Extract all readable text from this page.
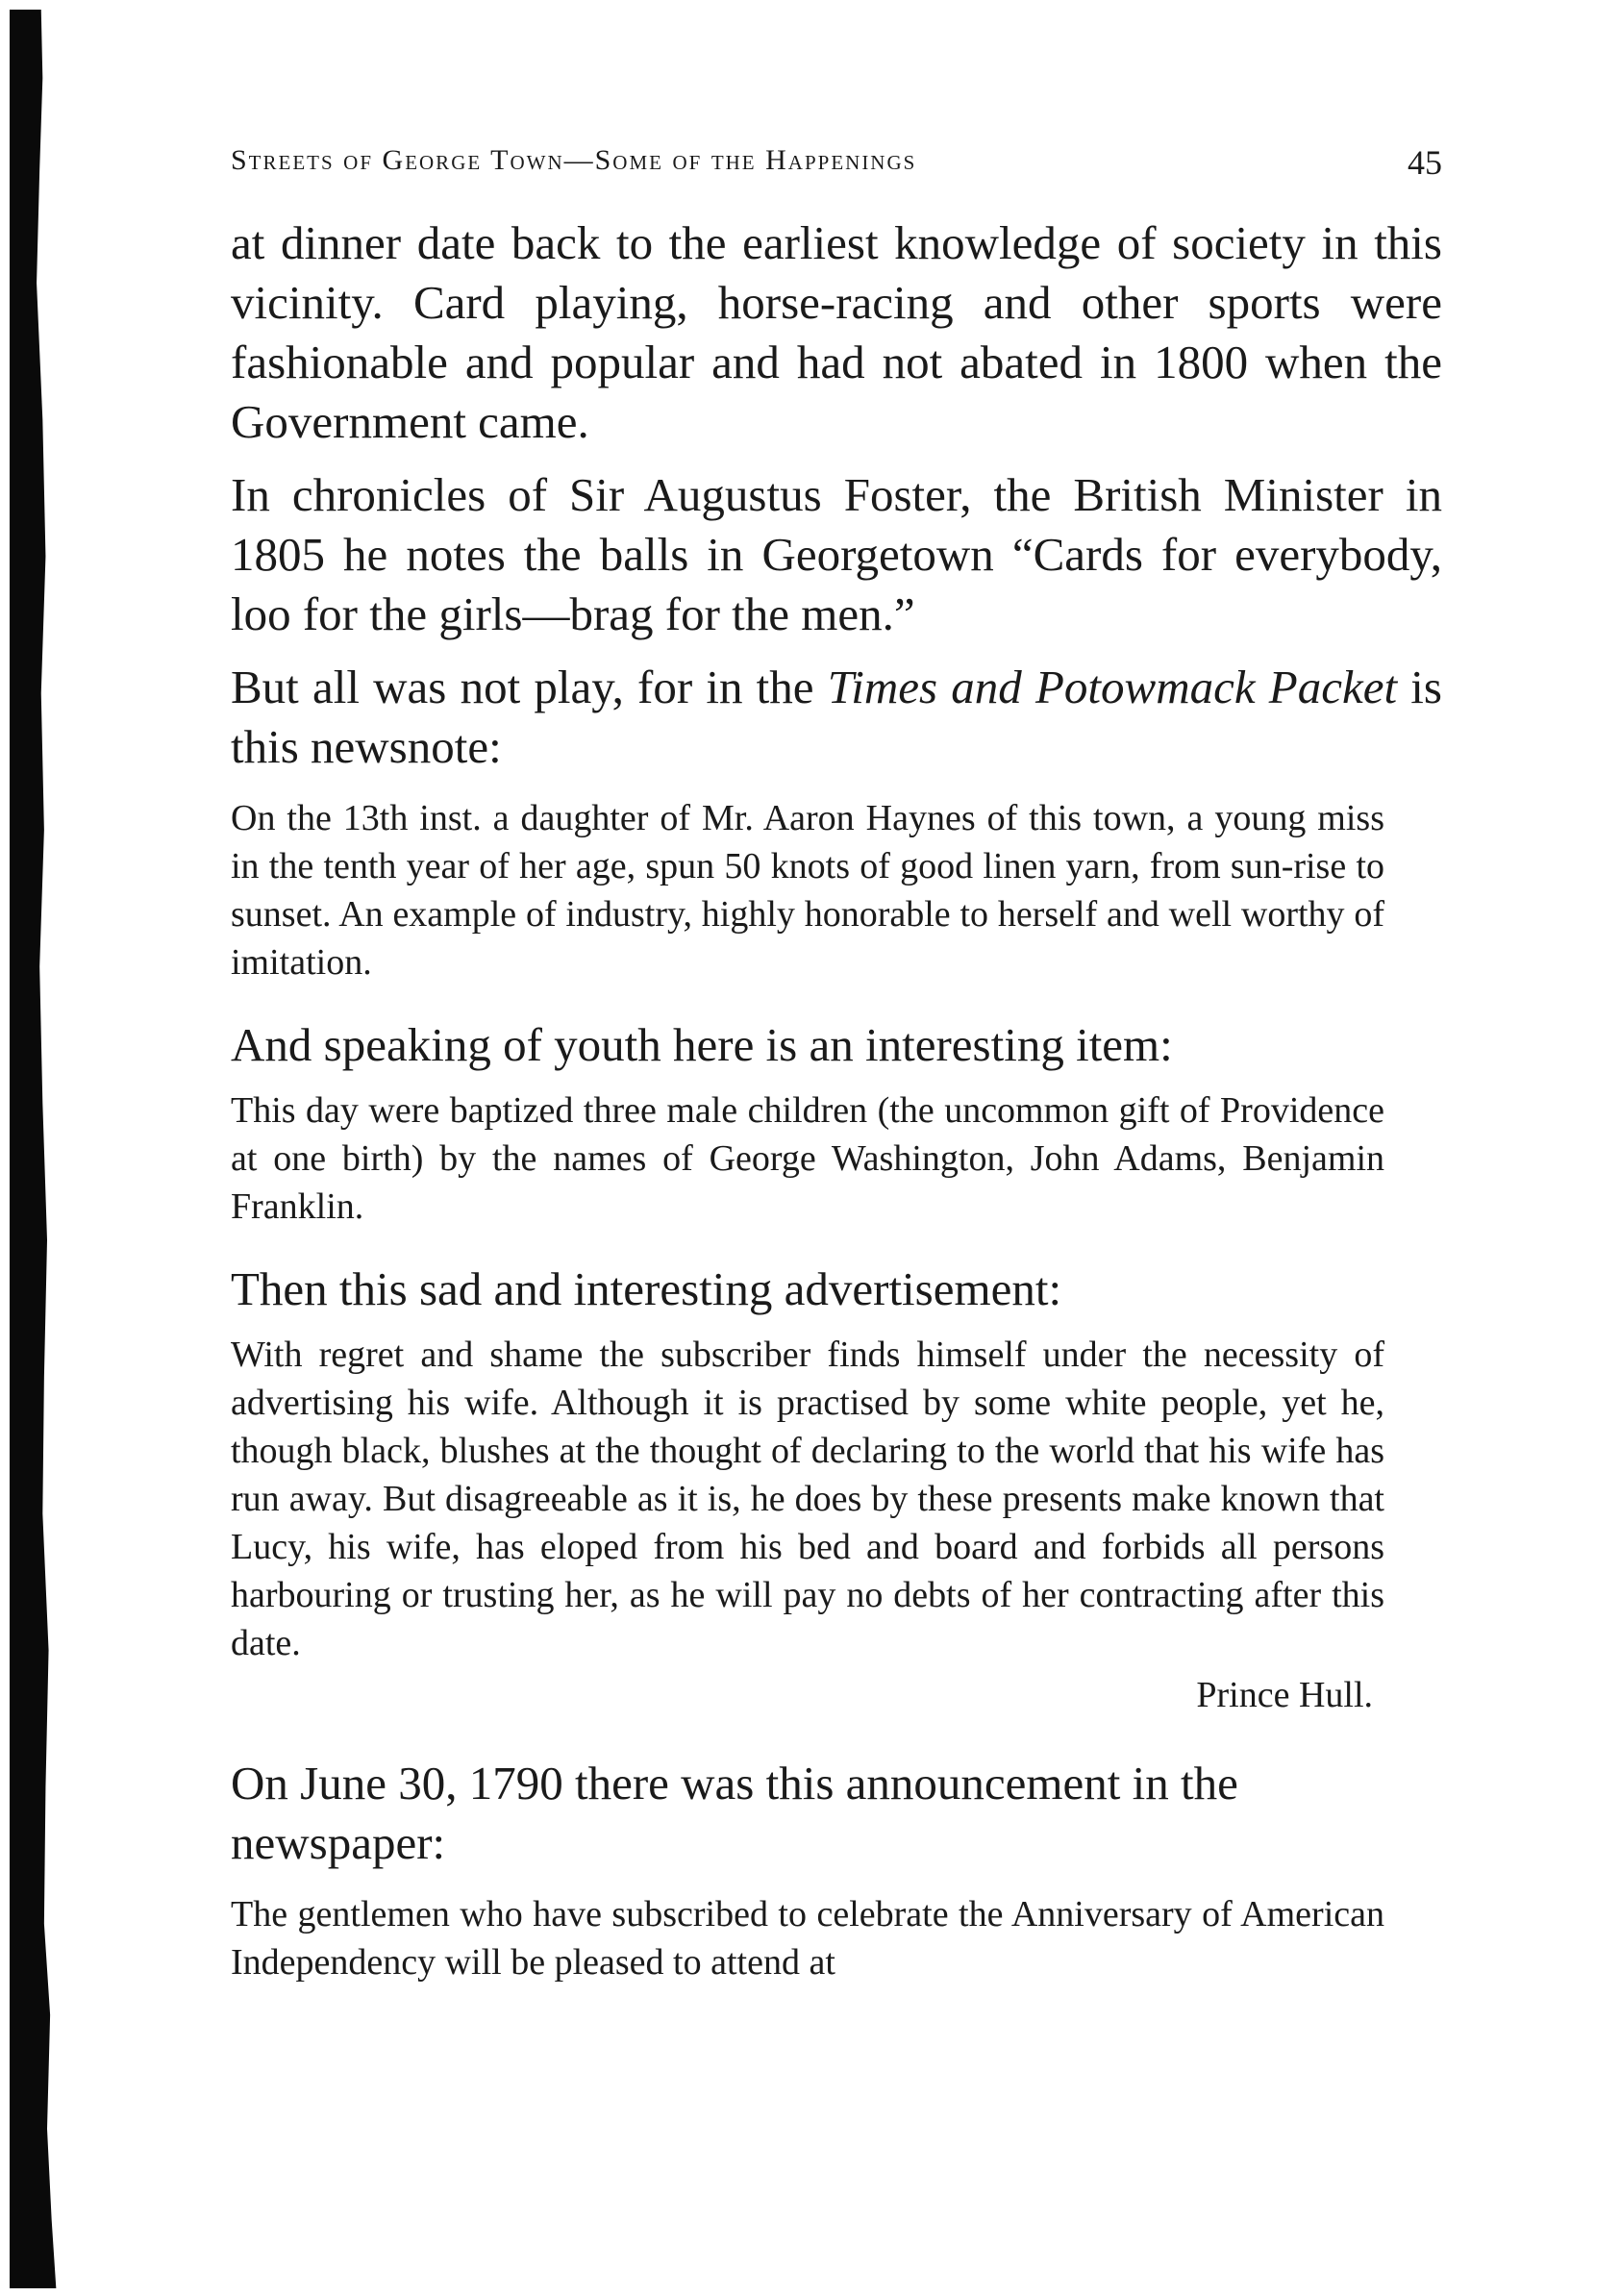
Streets of George Town—Some of the Happenings	45

at dinner date back to the earliest knowledge of society in this vicinity. Card playing, horse-racing and other sports were fashionable and popular and had not abated in 1800 when the Government came.

In chronicles of Sir Augustus Foster, the British Minister in 1805 he notes the balls in Georgetown “Cards for everybody, loo for the girls—brag for the men.”

But all was not play, for in the Times and Potowmack Packet is this newsnote:

On the 13th inst. a daughter of Mr. Aaron Haynes of this town, a young miss in the tenth year of her age, spun 50 knots of good linen yarn, from sun-rise to sunset. An example of industry, highly honorable to herself and well worthy of imitation.

And speaking of youth here is an interesting item:

This day were baptized three male children (the uncommon gift of Providence at one birth) by the names of George Washington, John Adams, Benjamin Franklin.

Then this sad and interesting advertisement:

With regret and shame the subscriber finds himself under the necessity of advertising his wife. Although it is practised by some white people, yet he, though black, blushes at the thought of declaring to the world that his wife has run away. But disagreeable as it is, he does by these presents make known that Lucy, his wife, has eloped from his bed and board and forbids all persons harbouring or trusting her, as he will pay no debts of her contracting after this date.
Prince Hull.

On June 30, 1790 there was this announcement in the newspaper:

The gentlemen who have subscribed to celebrate the Anniversary of American Independency will be pleased to attend at
